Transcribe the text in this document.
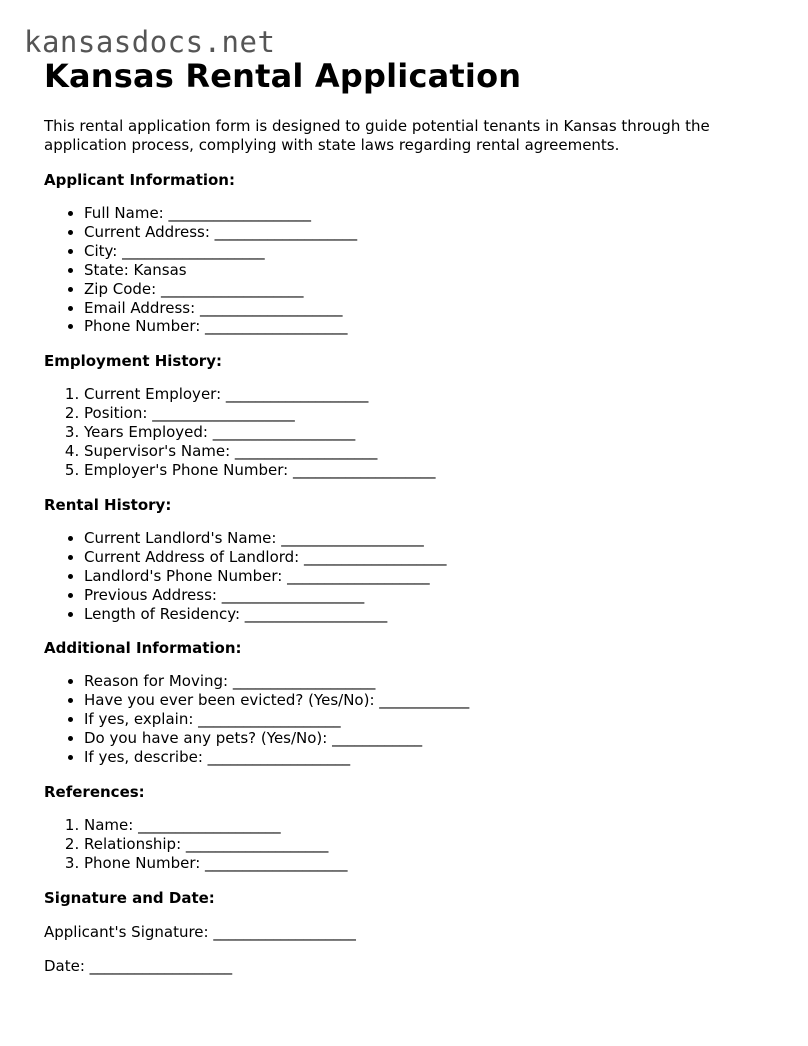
kansasdocs.net
Kansas Rental Application

This rental application form is designed to guide potential tenants in Kansas through the application process, complying with state laws regarding rental agreements.

Applicant Information:
• Full Name: ___________________
• Current Address: ___________________
• City: ___________________
• State: Kansas
• Zip Code: ___________________
• Email Address: ___________________
• Phone Number: ___________________
Employment History:
1. Current Employer: ___________________
2. Position: ___________________
3. Years Employed: ___________________
4. Supervisor's Name: ___________________
5. Employer's Phone Number: ___________________
Rental History:
• Current Landlord's Name: ___________________
• Current Address of Landlord: ___________________
• Landlord's Phone Number: ___________________
• Previous Address: ___________________
• Length of Residency: ___________________
Additional Information:
• Reason for Moving: ___________________
• Have you ever been evicted? (Yes/No): ____________
• If yes, explain: ___________________
• Do you have any pets? (Yes/No): ____________
• If yes, describe: ___________________
References:
1. Name: ___________________
2. Relationship: ___________________
3. Phone Number: ___________________
Signature and Date:

Applicant's Signature: ___________________

Date: ___________________
